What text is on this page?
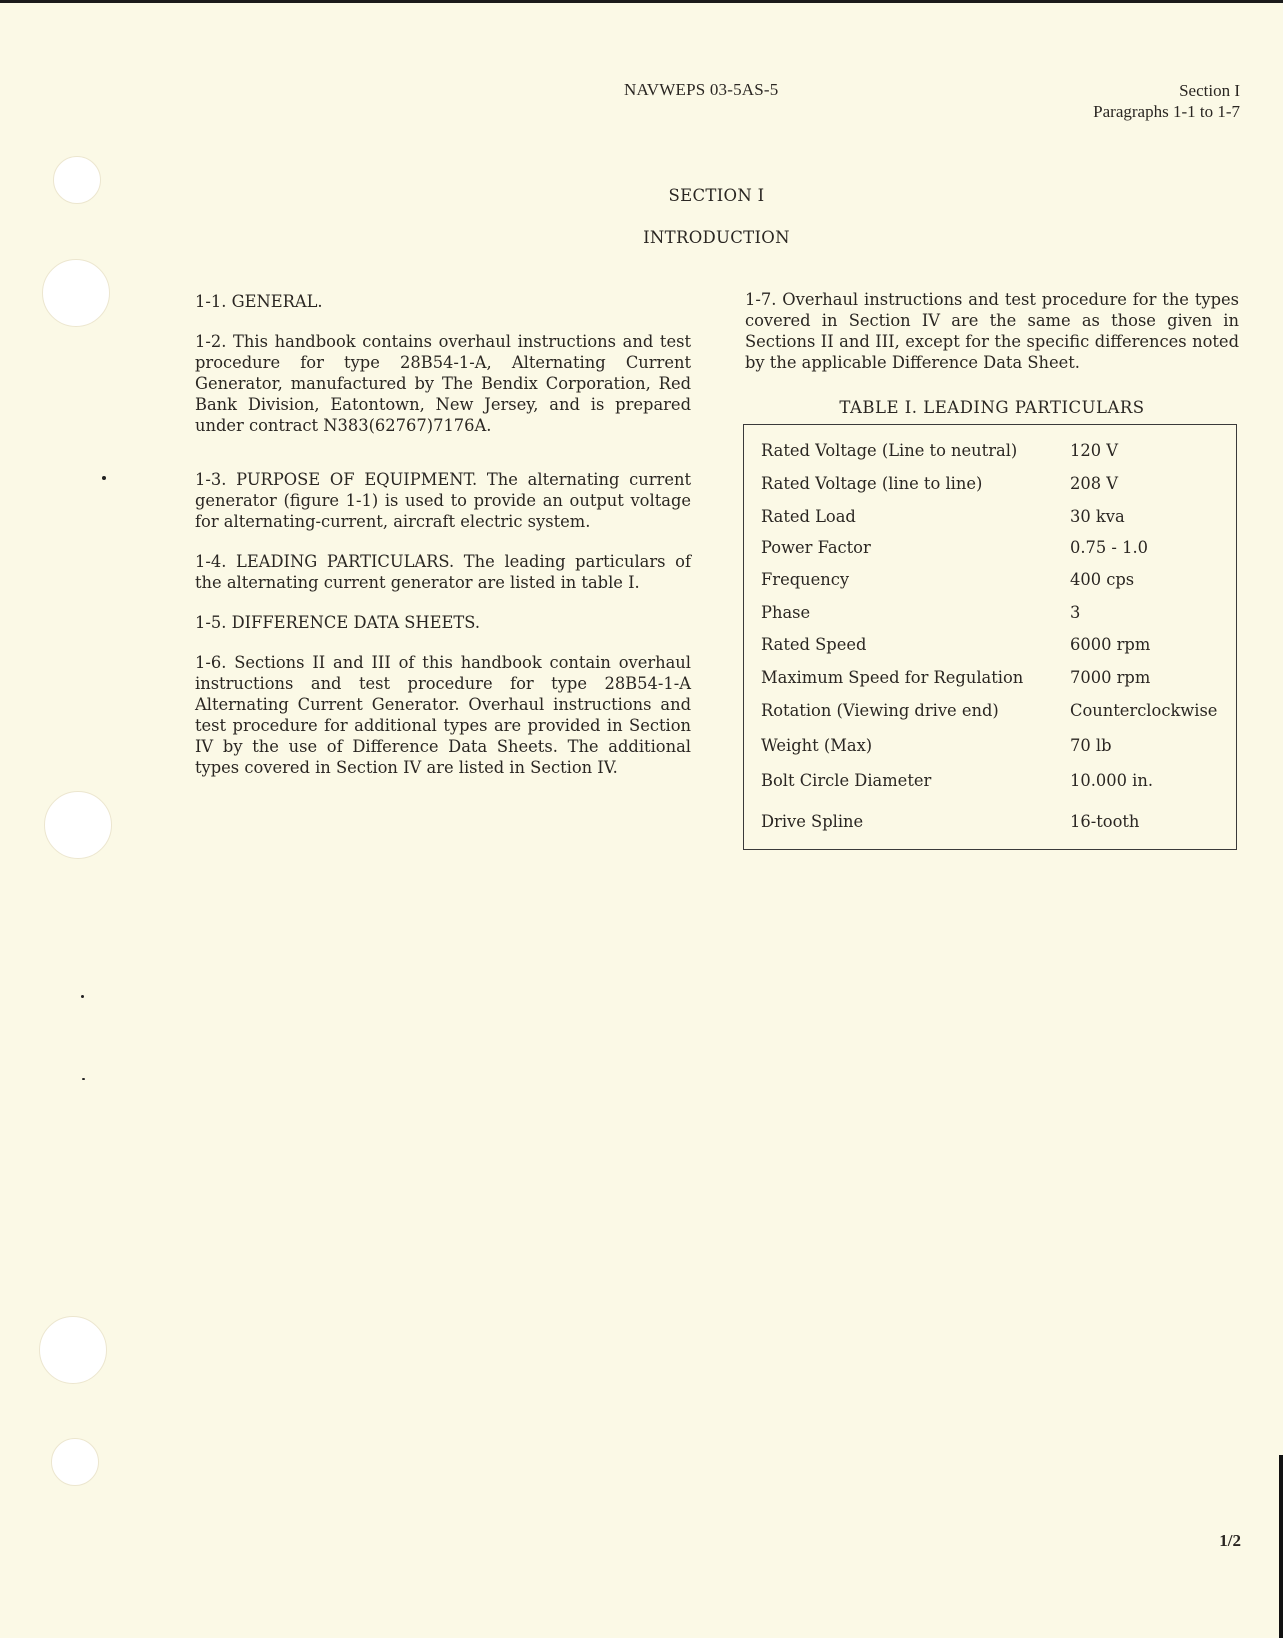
NAVWEPS 03-5AS-5	Section I
Paragraphs 1-1 to 1-7
SECTION I
INTRODUCTION

1-1. GENERAL.

1-2. This handbook contains overhaul instructions and test procedure for type 28B54-1-A, Alternating Current Generator, manufactured by The Bendix Corporation, Red Bank Division, Eatontown, New Jersey, and is prepared under contract N383(62767)7176A.

1-3. PURPOSE OF EQUIPMENT. The alternating current generator (figure 1-1) is used to provide an output voltage for alternating-current, aircraft electric system.

1-4. LEADING PARTICULARS. The leading particulars of the alternating current generator are listed in table I.

1-5. DIFFERENCE DATA SHEETS.

1-6. Sections II and III of this handbook contain overhaul instructions and test procedure for type 28B54-1-A Alternating Current Generator. Overhaul instructions and test procedure for additional types are provided in Section IV by the use of Difference Data Sheets. The additional types covered in Section IV are listed in Section IV.

1-7. Overhaul instructions and test procedure for the types covered in Section IV are the same as those given in Sections II and III, except for the specific differences noted by the applicable Difference Data Sheet.

TABLE I. LEADING PARTICULARS
Rated Voltage (Line to neutral)	120 V
Rated Voltage (line to line)	208 V
Rated Load	30 kva
Power Factor	0.75 - 1.0
Frequency	400 cps
Phase	3
Rated Speed	6000 rpm
Maximum Speed for Regulation	7000 rpm
Rotation (Viewing drive end)	Counterclockwise
Weight (Max)	70 lb
Bolt Circle Diameter	10.000 in.
Drive Spline	16-tooth
1/2
